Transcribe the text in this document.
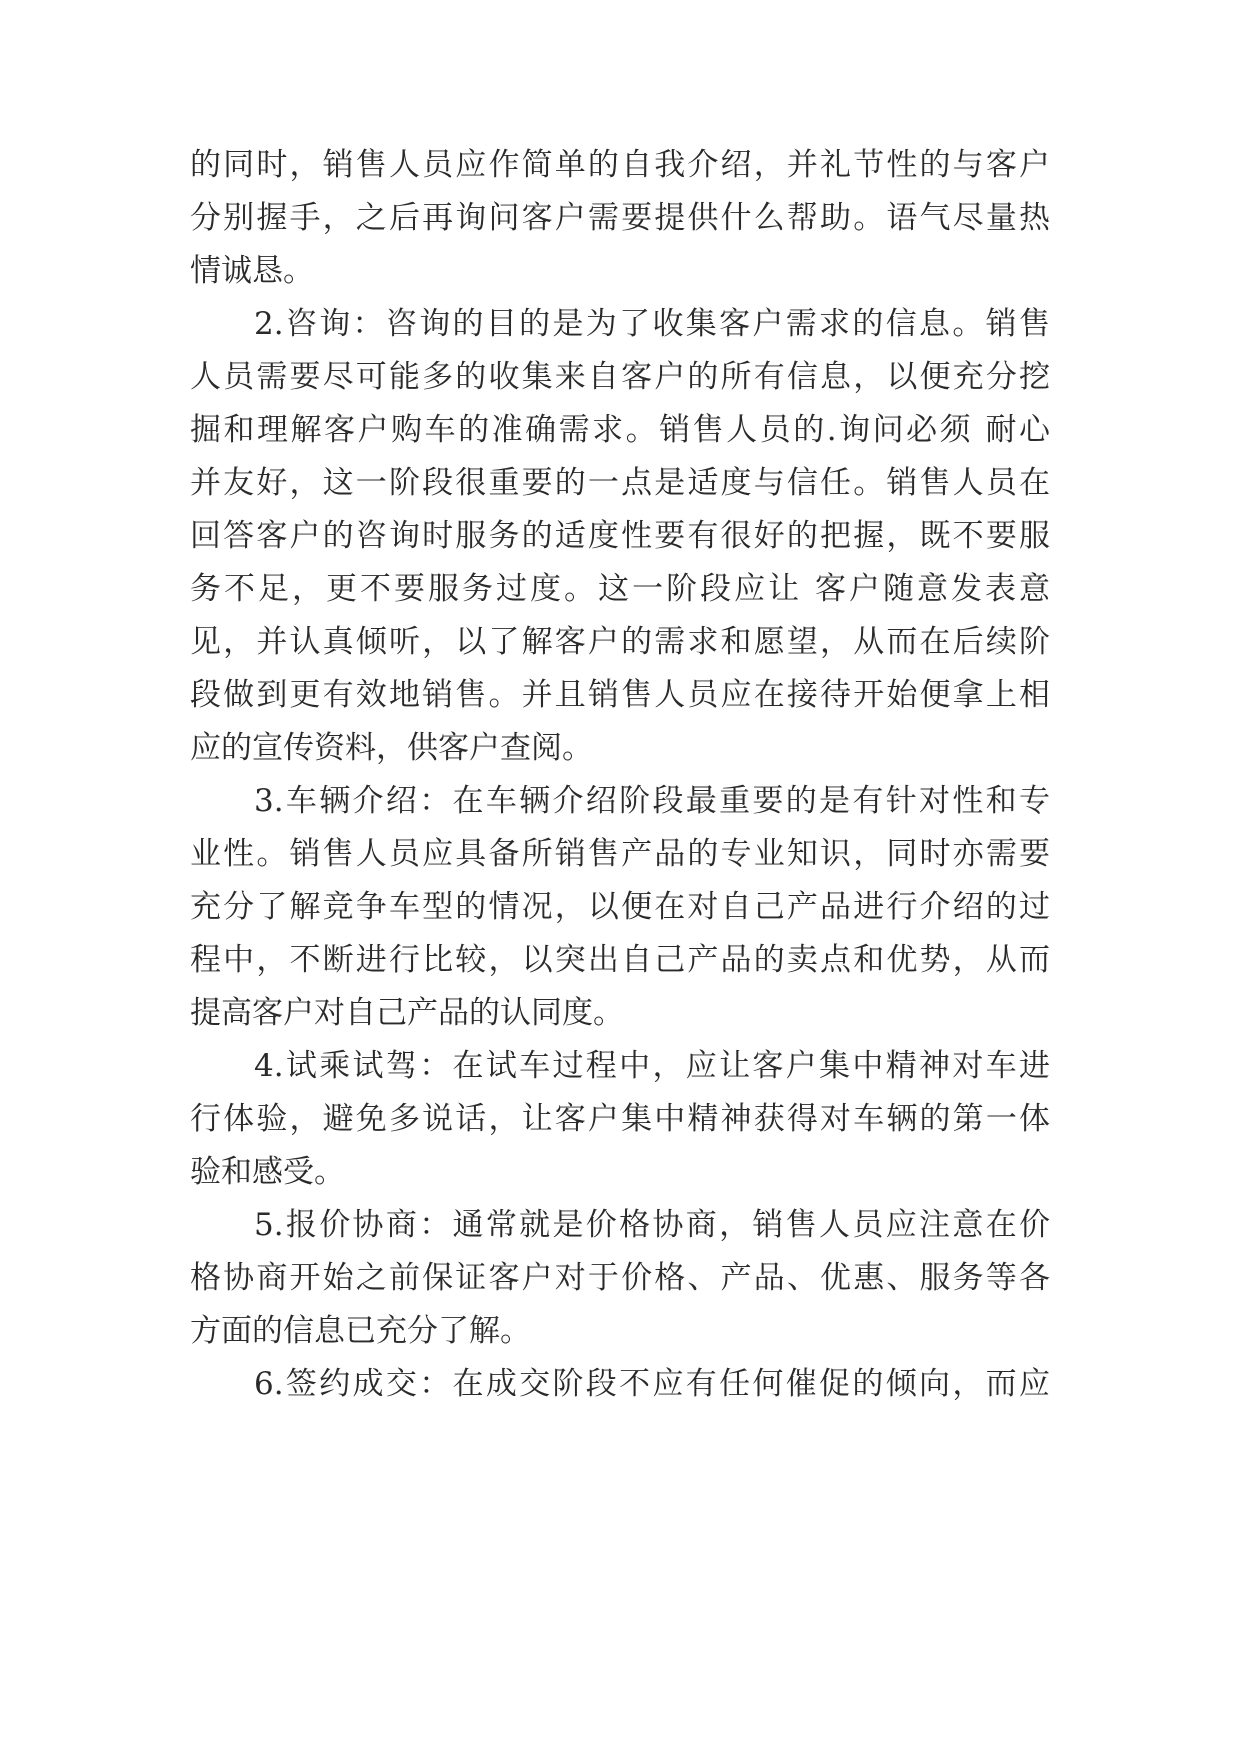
的同时，销售人员应作简单的自我介绍，并礼节性的与客户
分别握手，之后再询问客户需要提供什么帮助。语气尽量热
情诚恳。
2.咨询：咨询的目的是为了收集客户需求的信息。销售
人员需要尽可能多的收集来自客户的所有信息，以便充分挖
掘和理解客户购车的准确需求。销售人员的.询问必须 耐心
并友好，这一阶段很重要的一点是适度与信任。销售人员在
回答客户的咨询时服务的适度性要有很好的把握，既不要服
务不足，更不要服务过度。这一阶段应让 客户随意发表意
见，并认真倾听，以了解客户的需求和愿望，从而在后续阶
段做到更有效地销售。并且销售人员应在接待开始便拿上相
应的宣传资料，供客户查阅。
3.车辆介绍：在车辆介绍阶段最重要的是有针对性和专
业性。销售人员应具备所销售产品的专业知识，同时亦需要
充分了解竞争车型的情况，以便在对自己产品进行介绍的过
程中，不断进行比较，以突出自己产品的卖点和优势，从而
提高客户对自己产品的认同度。
4.试乘试驾：在试车过程中，应让客户集中精神对车进
行体验，避免多说话，让客户集中精神获得对车辆的第一体
验和感受。
5.报价协商：通常就是价格协商，销售人员应注意在价
格协商开始之前保证客户对于价格、产品、优惠、服务等各
方面的信息已充分了解。
6.签约成交：在成交阶段不应有任何催促的倾向，而应
